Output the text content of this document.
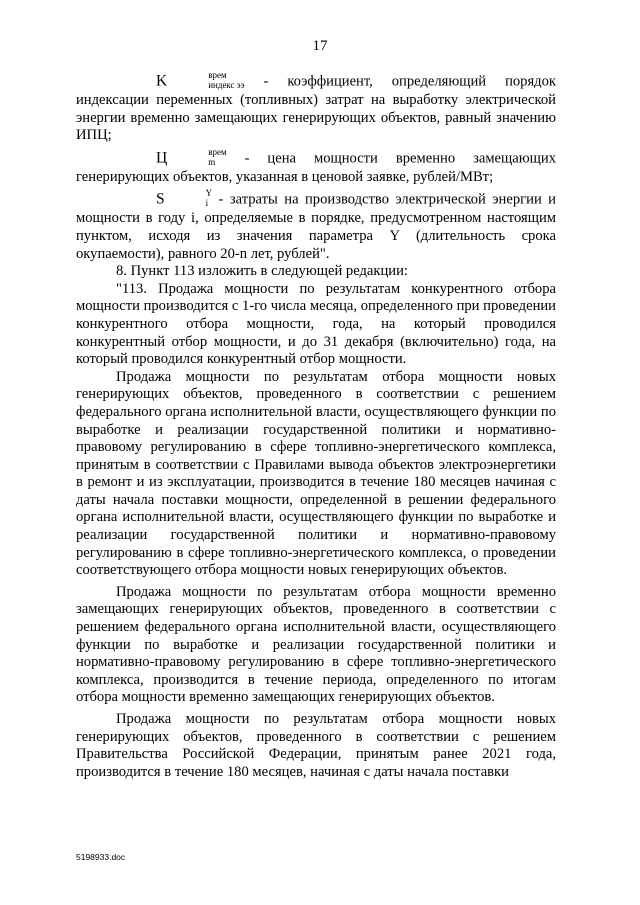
17

K	врем
индекс ээ - коэффициент, определяющий порядок индексации переменных (топливных) затрат на выработку электрической энергии временно замещающих генерирующих объектов, равный значению ИПЦ;

Ц	врем
m - цена мощности временно замещающих генерирующих объектов, указанная в ценовой заявке, рублей/МВт;

S	Y
i - затраты на производство электрической энергии и мощности в году i, определяемые в порядке, предусмотренном настоящим пунктом, исходя из значения параметра Y (длительность срока окупаемости), равного 20-n лет, рублей".

8. Пункт 113 изложить в следующей редакции:

"113. Продажа мощности по результатам конкурентного отбора мощности производится с 1-го числа месяца, определенного при проведении конкурентного отбора мощности, года, на который проводился конкурентный отбор мощности, и до 31 декабря (включительно) года, на который проводился конкурентный отбор мощности.

Продажа мощности по результатам отбора мощности новых генерирующих объектов, проведенного в соответствии с решением федерального органа исполнительной власти, осуществляющего функции по выработке и реализации государственной политики и нормативно-правовому регулированию в сфере топливно-энергетического комплекса, принятым в соответствии с Правилами вывода объектов электроэнергетики в ремонт и из эксплуатации, производится в течение 180 месяцев начиная с даты начала поставки мощности, определенной в решении федерального органа исполнительной власти, осуществляющего функции по выработке и реализации государственной политики и нормативно-правовому регулированию в сфере топливно-энергетического комплекса, о проведении соответствующего отбора мощности новых генерирующих объектов.

Продажа мощности по результатам отбора мощности временно замещающих генерирующих объектов, проведенного в соответствии с решением федерального органа исполнительной власти, осуществляющего функции по выработке и реализации государственной политики и нормативно-правовому регулированию в сфере топливно-энергетического комплекса, производится в течение периода, определенного по итогам отбора мощности временно замещающих генерирующих объектов.

Продажа мощности по результатам отбора мощности новых генерирующих объектов, проведенного в соответствии с решением Правительства Российской Федерации, принятым ранее 2021 года, производится в течение 180 месяцев, начиная с даты начала поставки

5198933.doc
